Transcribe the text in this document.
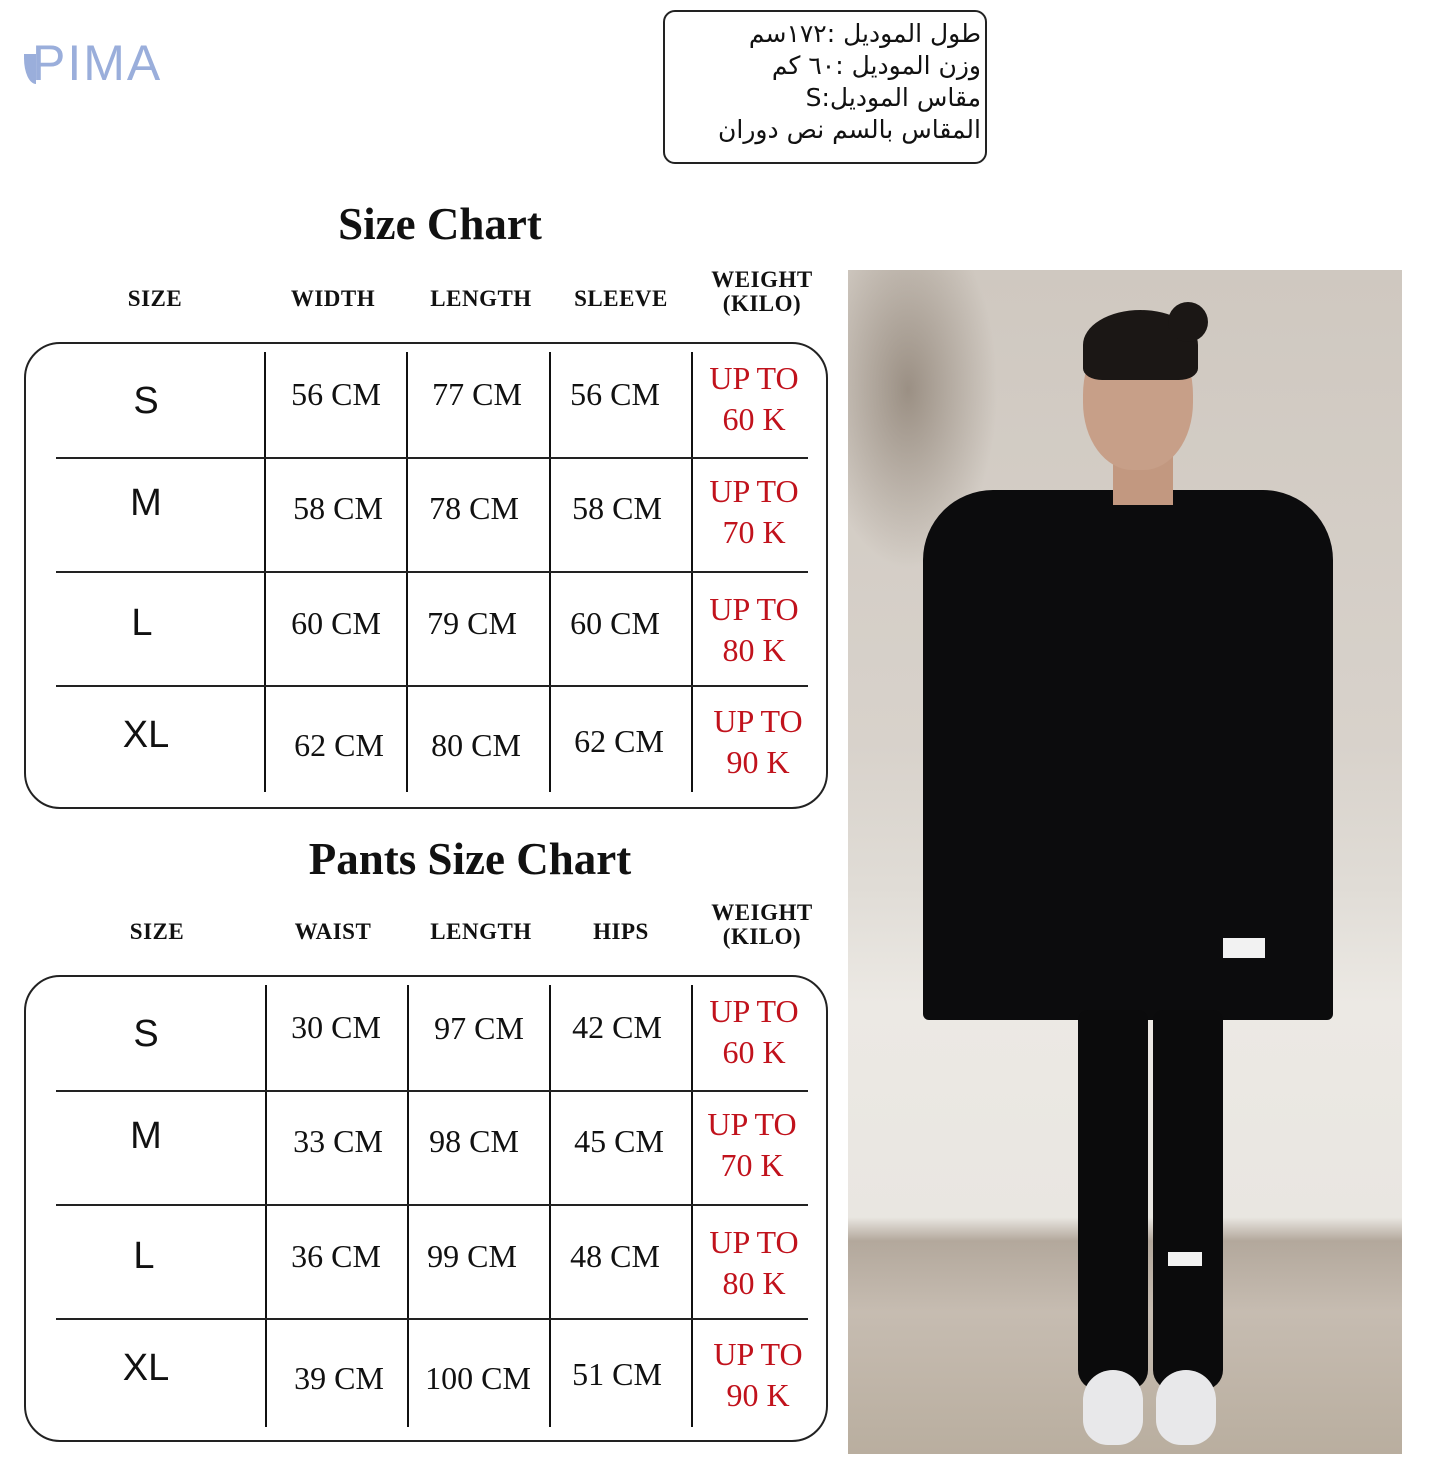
PIMA
طول الموديل :١٧٢سم
وزن الموديل :٦٠ كم
مقاس الموديل:S
المقاس بالسم نص دوران
Size Chart
SIZE	WIDTH	LENGTH	SLEEVE
WEIGHT
(KILO)
S	56 CM	77 CM	56 CM	UP TO
60 K
M	58 CM	78 CM	58 CM	UP TO
70 K
L	60 CM	79 CM	60 CM	UP TO
80 K
XL	62 CM	80 CM	62 CM
UP TO
90 K
Pants Size Chart
SIZE	WAIST	LENGTH	HIPS
WEIGHT
(KILO)
S	30 CM	97 CM	42 CM	UP TO
60 K
M	33 CM	98 CM	45 CM	UP TO
70 K
L	36 CM	99 CM	48 CM	UP TO
80 K
XL	39 CM	100 CM	51 CM
UP TO
90 K
